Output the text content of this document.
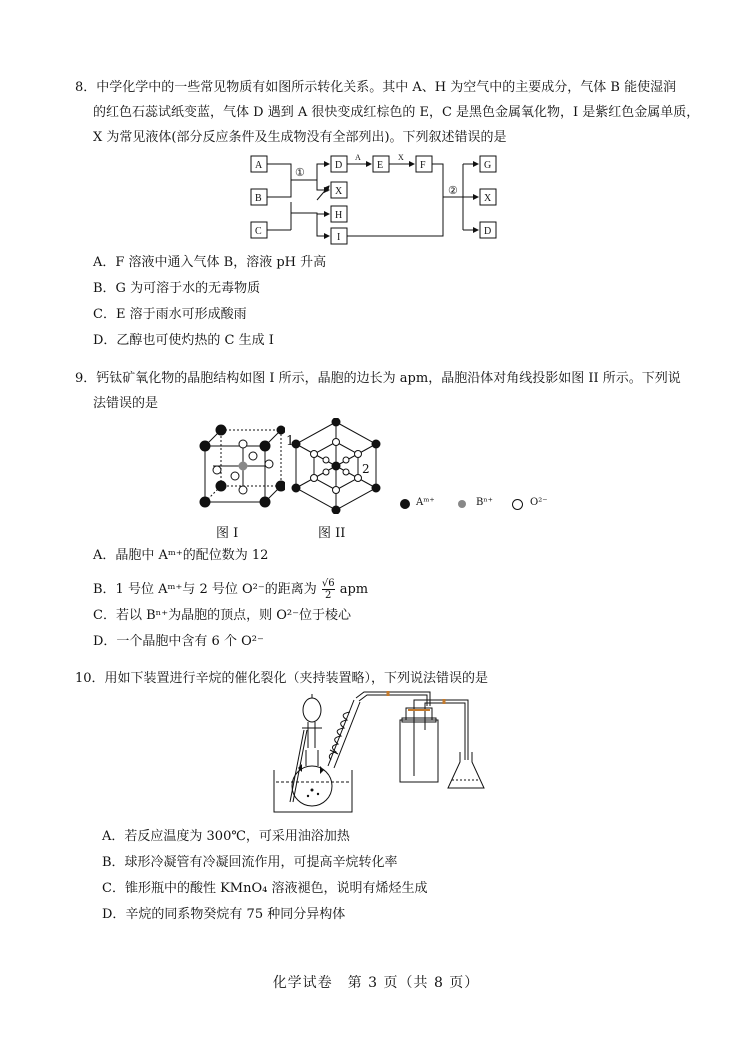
8．中学化学中的一些常见物质有如图所示转化关系。其中 A、H 为空气中的主要成分，气体 B 能使湿润
的红色石蕊试纸变蓝，气体 D 遇到 A 很快变成红棕色的 E，C 是黑色金属氧化物，I 是紫红色金属单质，
X 为常见液体(部分反应条件及生成物没有全部列出)。下列叙述错误的是
A
B
C
D
X
H
I
E	F	G
X
D
A	X
①
②
A．F 溶液中通入气体 B，溶液 pH 升高
B．G 为可溶于水的无毒物质
C．E 溶于雨水可形成酸雨
D．乙醇也可使灼热的 C 生成 I
9．钙钛矿氧化物的晶胞结构如图 I 所示，晶胞的边长为 apm，晶胞沿体对角线投影如图 II 所示。下列说
法错误的是
1
2
Aᵐ⁺	Bⁿ⁺	O²⁻
图 I	图 II
A．晶胞中 Aᵐ⁺的配位数为 12
B．1 号位 Aᵐ⁺与 2 号位 O²⁻的距离为 $\frac{√6}{2}$ apm
C．若以 Bⁿ⁺为晶胞的顶点，则 O²⁻位于棱心
D．一个晶胞中含有 6 个 O²⁻
10．用如下装置进行辛烷的催化裂化（夹持装置略），下列说法错误的是
A．若反应温度为 300℃，可采用油浴加热
B．球形冷凝管有冷凝回流作用，可提高辛烷转化率
C．锥形瓶中的酸性 KMnO₄ 溶液褪色，说明有烯烃生成
D．辛烷的同系物癸烷有 75 种同分异构体
化学试卷　第 3 页（共 8 页）
